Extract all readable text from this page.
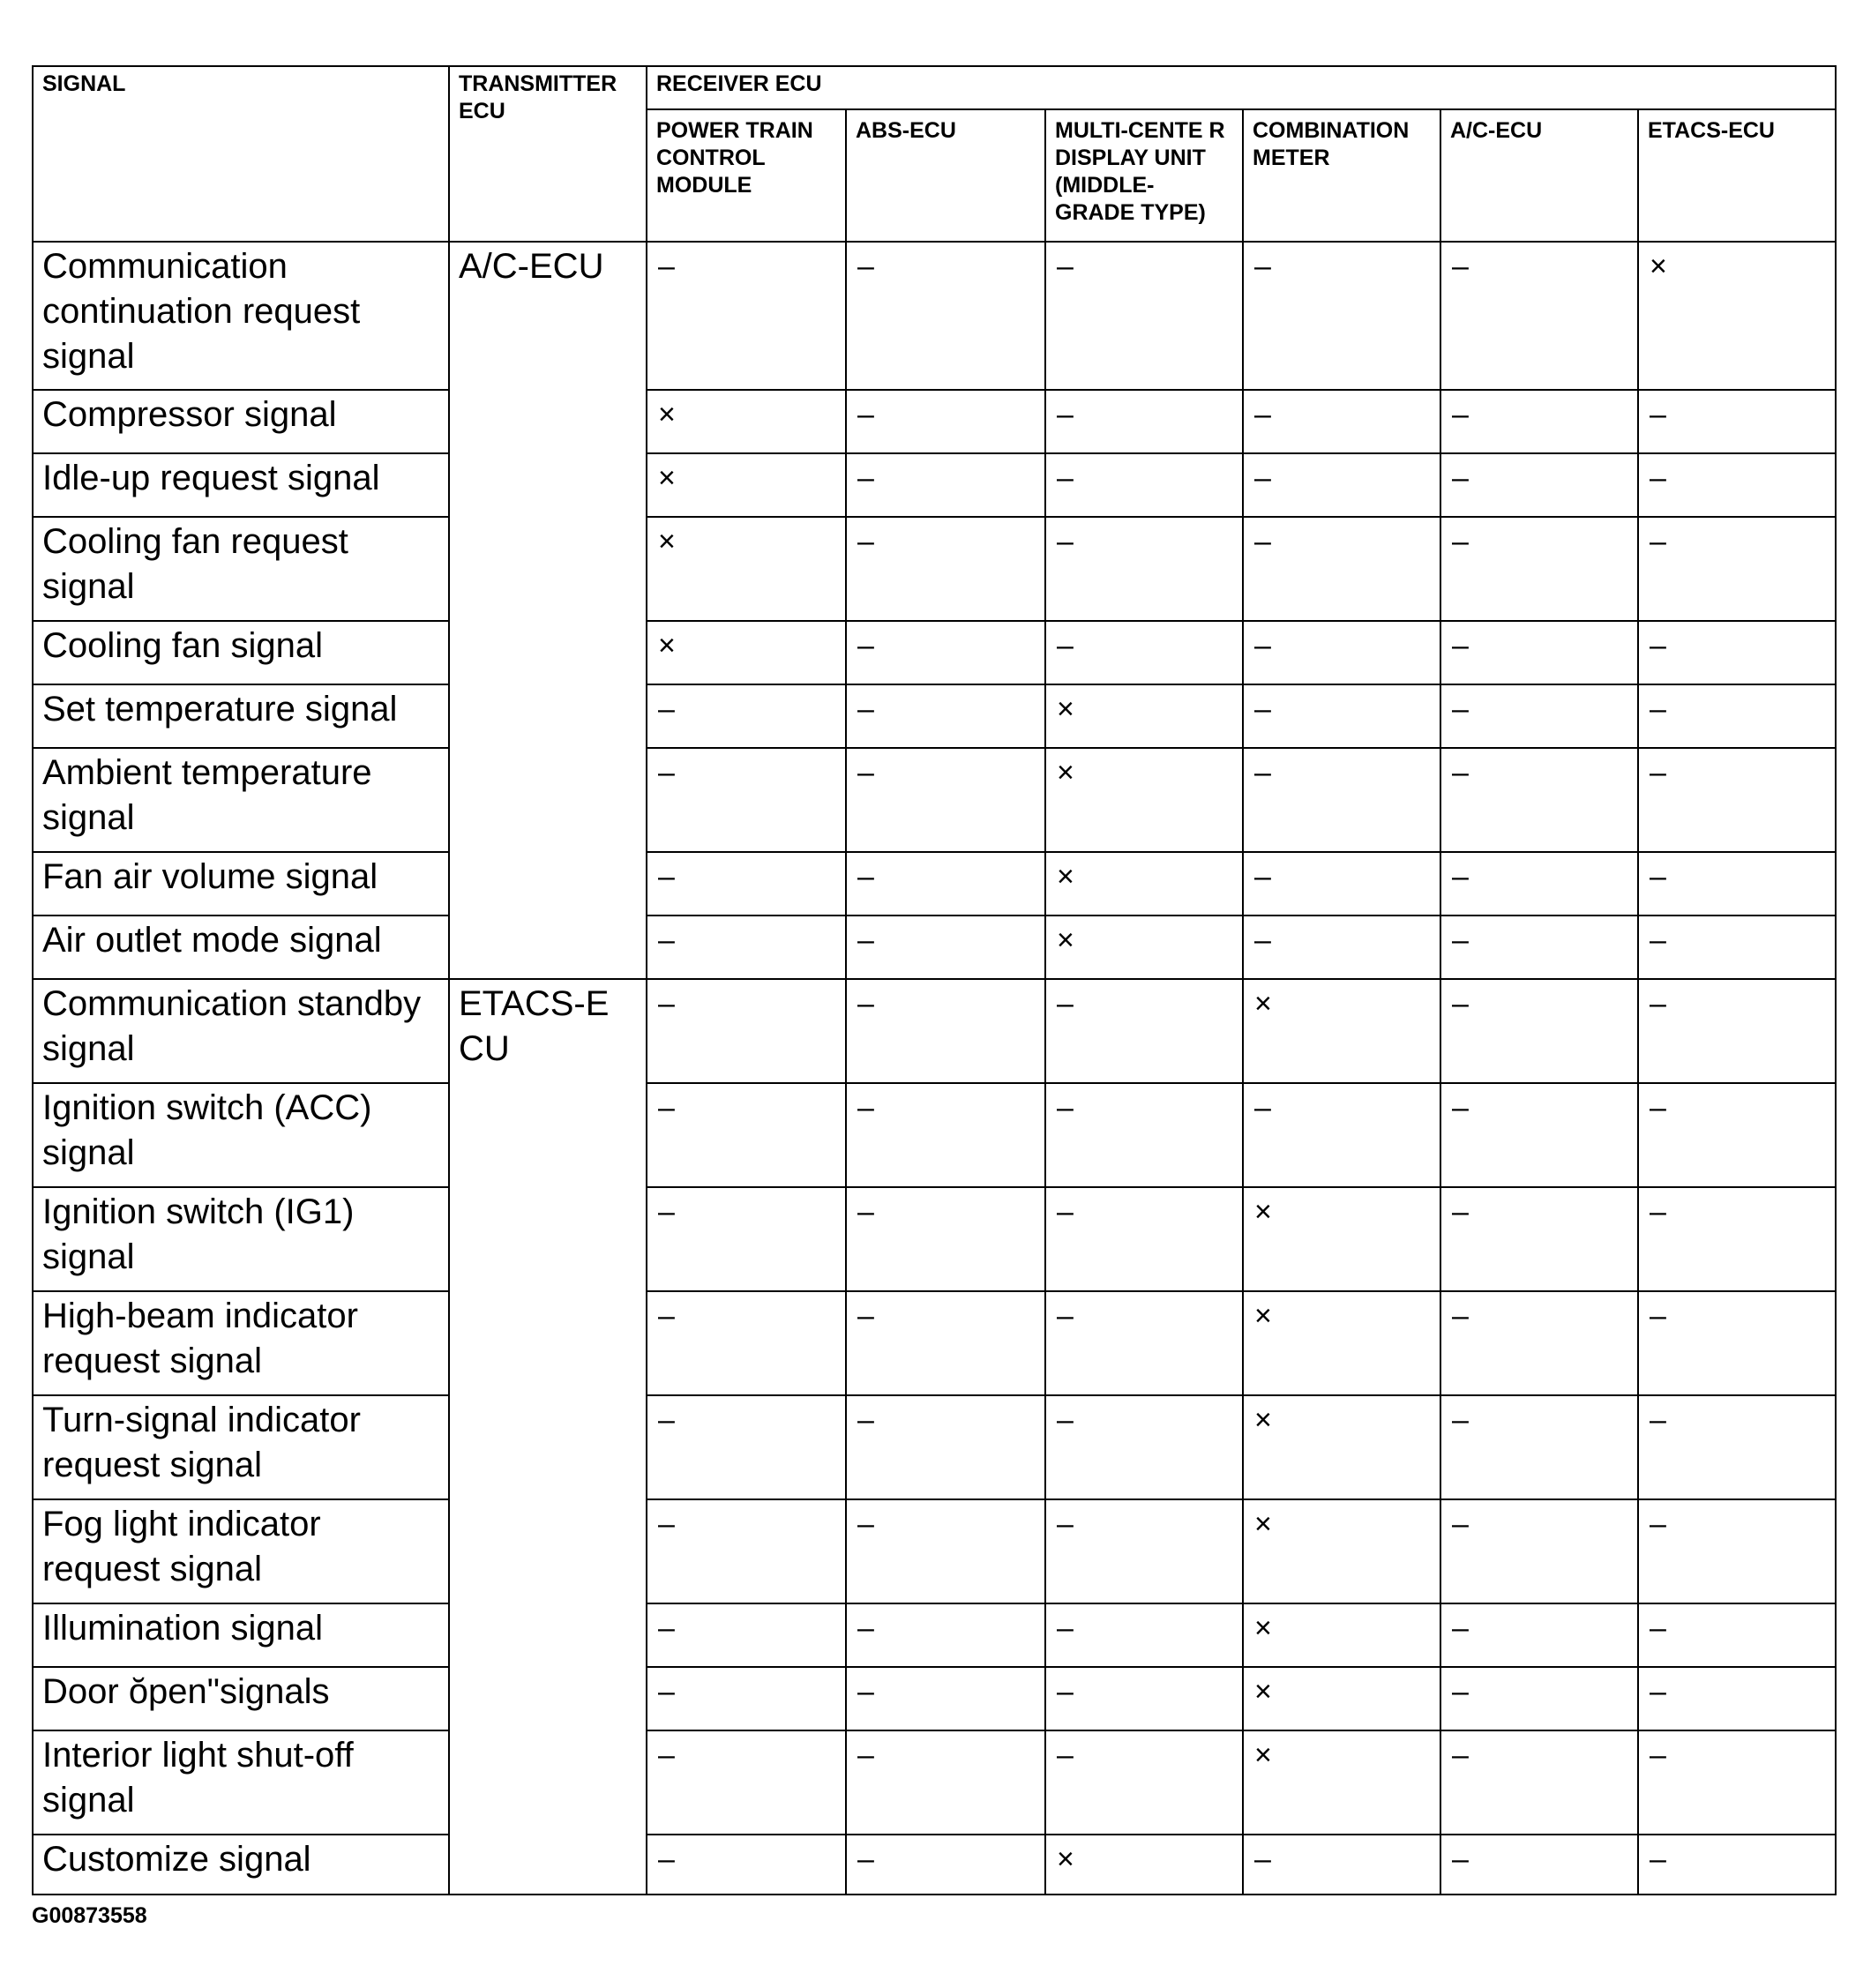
SIGNAL	TRANSMITTER ECU	RECEIVER ECU					
		POWER TRAIN CONTROL MODULE	ABS-ECU	MULTI-CENTE R DISPLAY UNIT (MIDDLE-GRADE TYPE)	COMBINATION METER	A/C-ECU	ETACS-ECU
Communication continuation request signal	A/C-ECU	–	–	–	–	–	×
Compressor signal		×	–	–	–	–	–
Idle-up request signal		×	–	–	–	–	–
Cooling fan request signal		×	–	–	–	–	–
Cooling fan signal		×	–	–	–	–	–
Set temperature signal		–	–	×	–	–	–
Ambient temperature signal		–	–	×	–	–	–
Fan air volume signal		–	–	×	–	–	–
Air outlet mode signal		–	–	×	–	–	–
Communication standby signal	ETACS-E CU	–	–	–	×	–	–
Ignition switch (ACC) signal		–	–	–	–	–	–
Ignition switch (IG1) signal		–	–	–	×	–	–
High-beam indicator request signal		–	–	–	×	–	–
Turn-signal indicator request signal		–	–	–	×	–	–
Fog light indicator request signal		–	–	–	×	–	–
Illumination signal		–	–	–	×	–	–
Door ŏpen"signals		–	–	–	×	–	–
Interior light shut-off signal		–	–	–	×	–	–
Customize signal		–	–	×	–	–	–
G00873558
